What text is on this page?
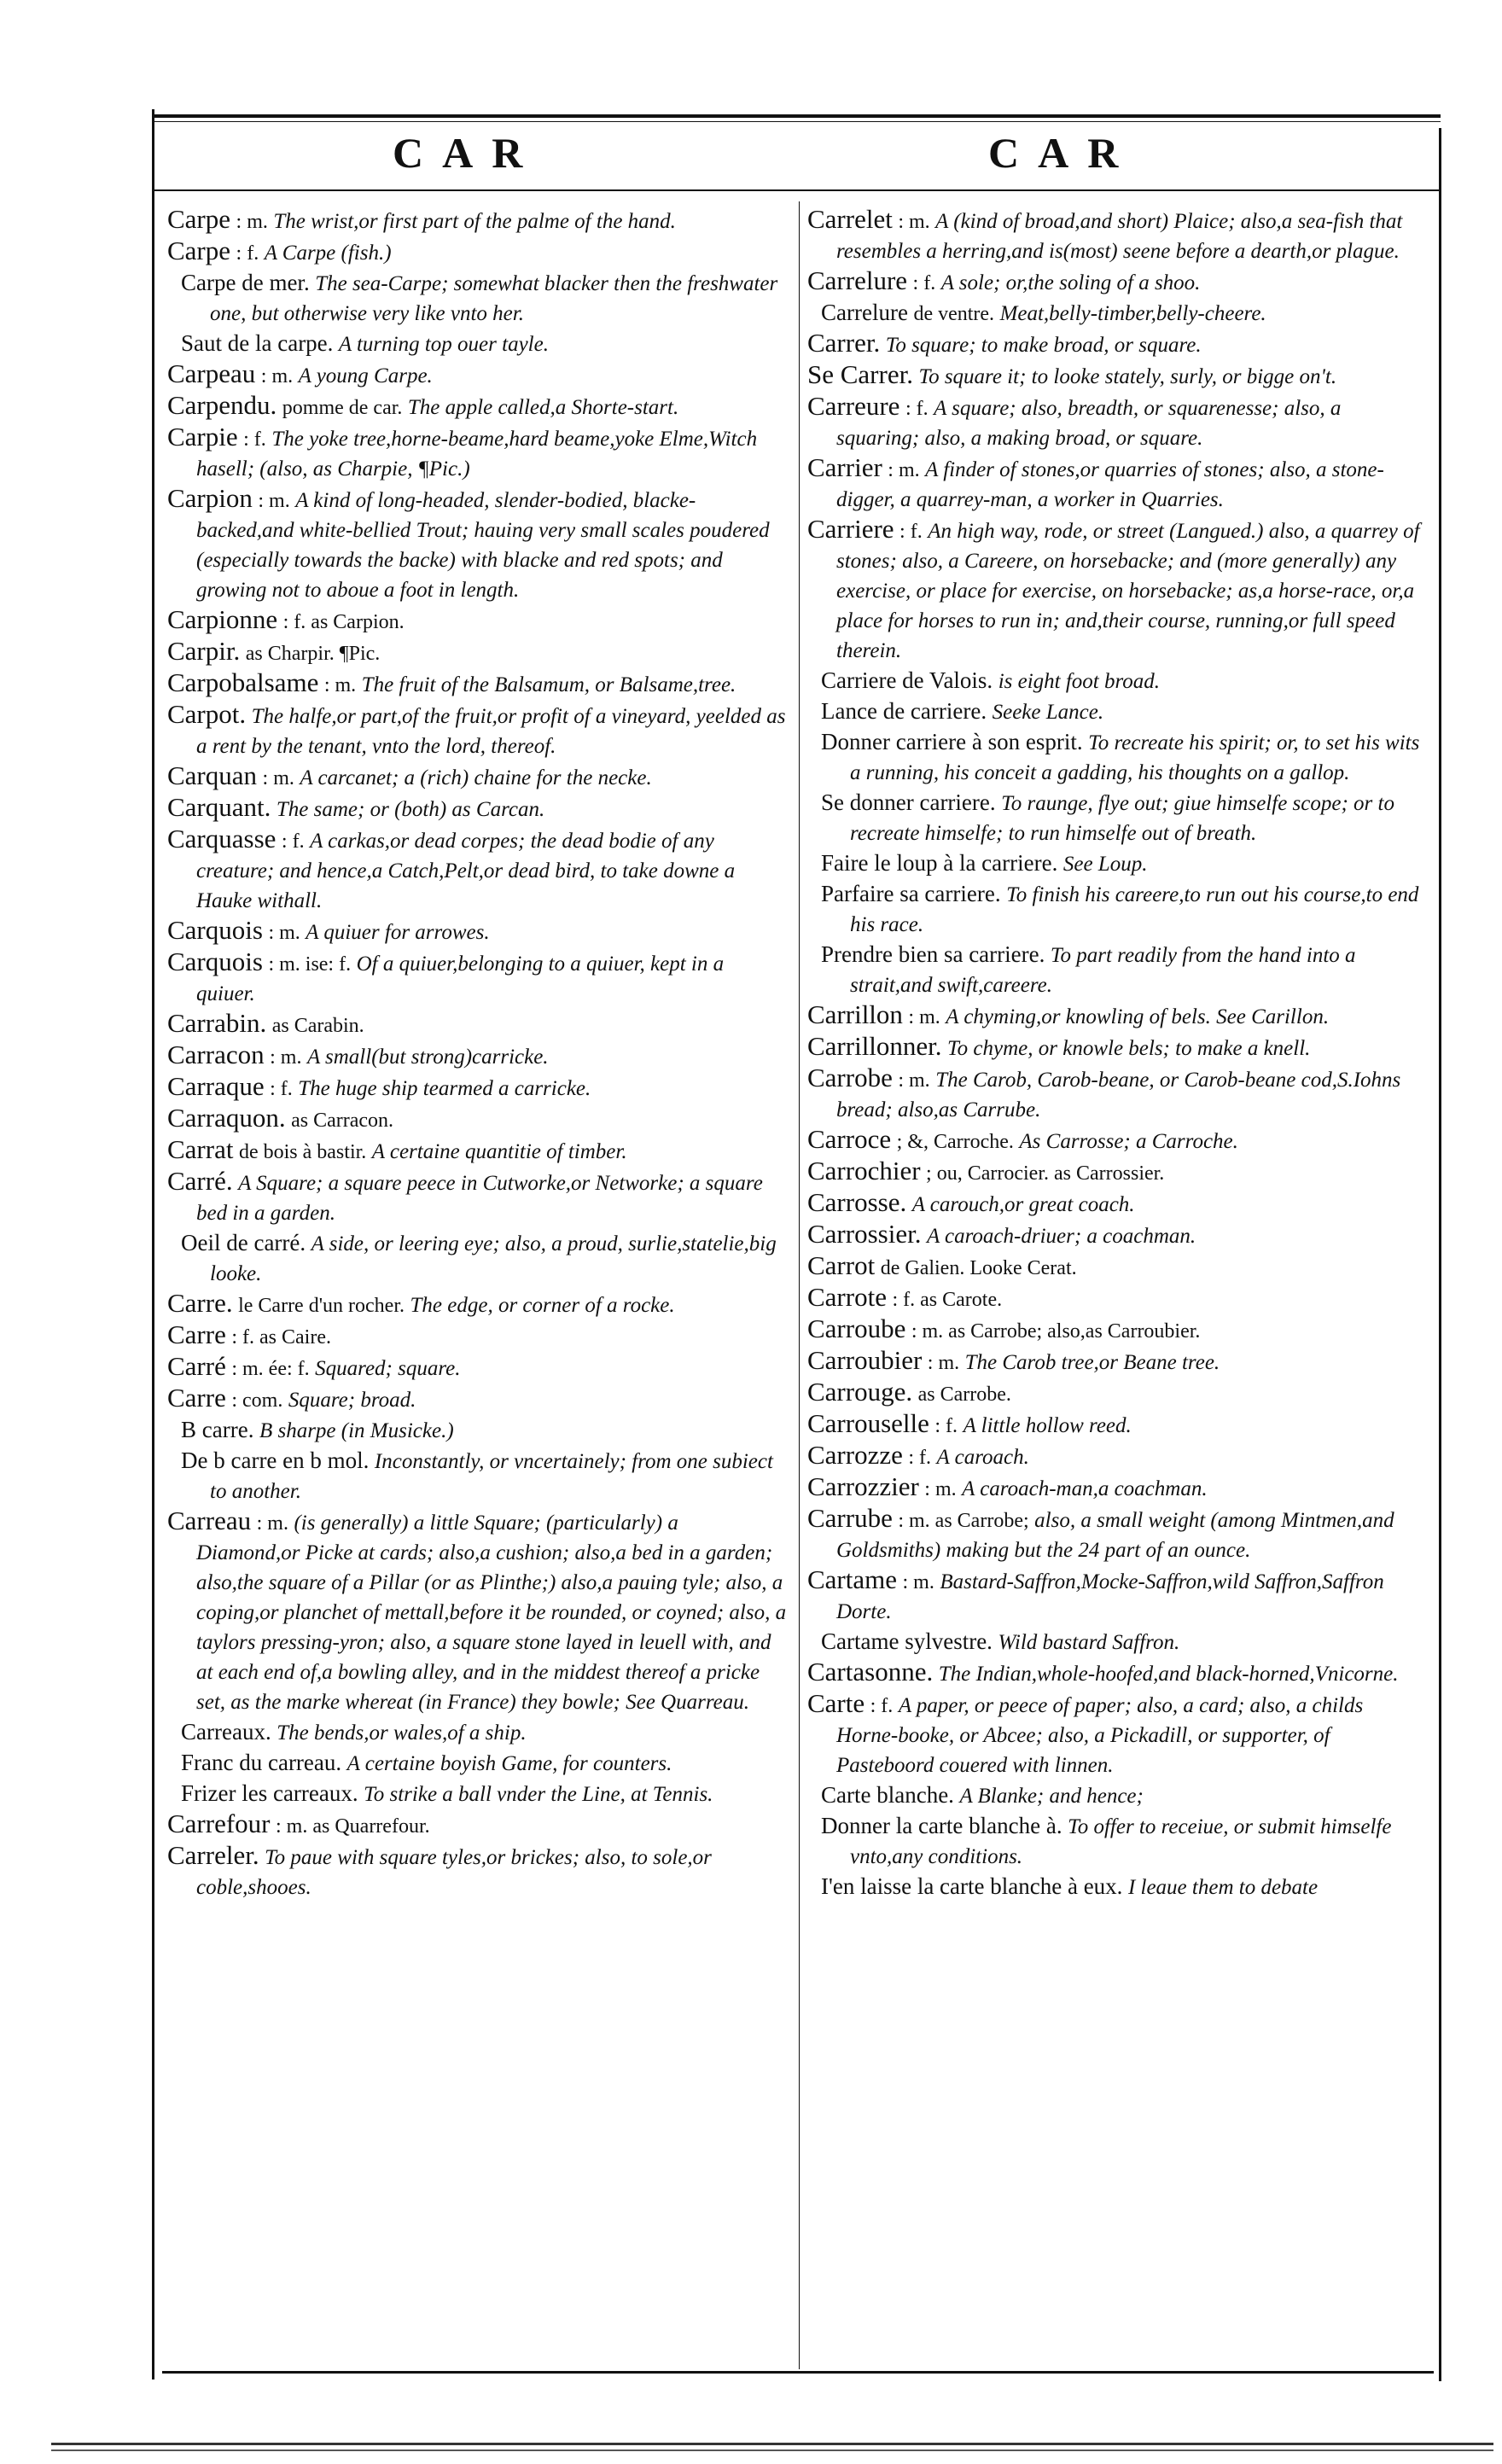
CAR	CAR

Carpe : m. The wrist,or first part of the palme of the hand.

Carpe : f. A Carpe (fish.)

Carpe de mer. The sea-Carpe; somewhat blacker then the freshwater one, but otherwise very like vnto her.

Saut de la carpe. A turning top ouer tayle.

Carpeau : m. A young Carpe.

Carpendu. pomme de car. The apple called,a Shorte-start.

Carpie : f. The yoke tree,horne-beame,hard beame,yoke Elme,Witch hasell; (also, as Charpie, ¶Pic.)

Carpion : m. A kind of long-headed, slender-bodied, blacke-backed,and white-bellied Trout; hauing very small scales poudered (especially towards the backe) with blacke and red spots; and growing not to aboue a foot in length.

Carpionne : f. as Carpion.

Carpir. as Charpir. ¶Pic.

Carpobalsame : m. The fruit of the Balsamum, or Balsame,tree.

Carpot. The halfe,or part,of the fruit,or profit of a vineyard, yeelded as a rent by the tenant, vnto the lord, thereof.

Carquan : m. A carcanet; a (rich) chaine for the necke.

Carquant. The same; or (both) as Carcan.

Carquasse : f. A carkas,or dead corpes; the dead bodie of any creature; and hence,a Catch,Pelt,or dead bird, to take downe a Hauke withall.

Carquois : m. A quiuer for arrowes.

Carquois : m. ise: f. Of a quiuer,belonging to a quiuer, kept in a quiuer.

Carrabin. as Carabin.

Carracon : m. A small(but strong)carricke.

Carraque : f. The huge ship tearmed a carricke.

Carraquon. as Carracon.

Carrat de bois à bastir. A certaine quantitie of timber.

Carré. A Square; a square peece in Cutworke,or Networke; a square bed in a garden.

Oeil de carré. A side, or leering eye; also, a proud, surlie,statelie,big looke.

Carre. le Carre d'un rocher. The edge, or corner of a rocke.

Carre : f. as Caire.

Carré : m. ée: f. Squared; square.

Carre : com. Square; broad.

B carre. B sharpe (in Musicke.)

De b carre en b mol. Inconstantly, or vncertainely; from one subiect to another.

Carreau : m. (is generally) a little Square; (particularly) a Diamond,or Picke at cards; also,a cushion; also,a bed in a garden; also,the square of a Pillar (or as Plinthe;) also,a pauing tyle; also, a coping,or planchet of mettall,before it be rounded, or coyned; also, a taylors pressing-yron; also, a square stone layed in leuell with, and at each end of,a bowling alley, and in the middest thereof a pricke set, as the marke whereat (in France) they bowle; See Quarreau.

Carreaux. The bends,or wales,of a ship.

Franc du carreau. A certaine boyish Game, for counters.

Frizer les carreaux. To strike a ball vnder the Line, at Tennis.

Carrefour : m. as Quarrefour.

Carreler. To paue with square tyles,or brickes; also, to sole,or coble,shooes.

Carrelet : m. A (kind of broad,and short) Plaice; also,a sea-fish that resembles a herring,and is(most) seene before a dearth,or plague.

Carrelure : f. A sole; or,the soling of a shoo.

Carrelure de ventre. Meat,belly-timber,belly-cheere.

Carrer. To square; to make broad, or square.

Se Carrer. To square it; to looke stately, surly, or bigge on't.

Carreure : f. A square; also, breadth, or squarenesse; also, a squaring; also, a making broad, or square.

Carrier : m. A finder of stones,or quarries of stones; also, a stone-digger, a quarrey-man, a worker in Quarries.

Carriere : f. An high way, rode, or street (Langued.) also, a quarrey of stones; also, a Careere, on horsebacke; and (more generally) any exercise, or place for exercise, on horsebacke; as,a horse-race, or,a place for horses to run in; and,their course, running,or full speed therein.

Carriere de Valois. is eight foot broad.

Lance de carriere. Seeke Lance.

Donner carriere à son esprit. To recreate his spirit; or, to set his wits a running, his conceit a gadding, his thoughts on a gallop.

Se donner carriere. To raunge, flye out; giue himselfe scope; or to recreate himselfe; to run himselfe out of breath.

Faire le loup à la carriere. See Loup.

Parfaire sa carriere. To finish his careere,to run out his course,to end his race.

Prendre bien sa carriere. To part readily from the hand into a strait,and swift,careere.

Carrillon : m. A chyming,or knowling of bels. See Carillon.

Carrillonner. To chyme, or knowle bels; to make a knell.

Carrobe : m. The Carob, Carob-beane, or Carob-beane cod,S.Iohns bread; also,as Carrube.

Carroce ; &, Carroche. As Carrosse; a Carroche.

Carrochier ; ou, Carrocier. as Carrossier.

Carrosse. A carouch,or great coach.

Carrossier. A caroach-driuer; a coachman.

Carrot de Galien. Looke Cerat.

Carrote : f. as Carote.

Carroube : m. as Carrobe; also,as Carroubier.

Carroubier : m. The Carob tree,or Beane tree.

Carrouge. as Carrobe.

Carrouselle : f. A little hollow reed.

Carrozze : f. A caroach.

Carrozzier : m. A caroach-man,a coachman.

Carrube : m. as Carrobe; also, a small weight (among Mintmen,and Goldsmiths) making but the 24 part of an ounce.

Cartame : m. Bastard-Saffron,Mocke-Saffron,wild Saffron,Saffron Dorte.

Cartame sylvestre. Wild bastard Saffron.

Cartasonne. The Indian,whole-hoofed,and black-horned,Vnicorne.

Carte : f. A paper, or peece of paper; also, a card; also, a childs Horne-booke, or Abcee; also, a Pickadill, or supporter, of Pasteboord couered with linnen.

Carte blanche. A Blanke; and hence;

Donner la carte blanche à. To offer to receiue, or submit himselfe vnto,any conditions.

I'en laisse la carte blanche à eux. I leaue them to debate
